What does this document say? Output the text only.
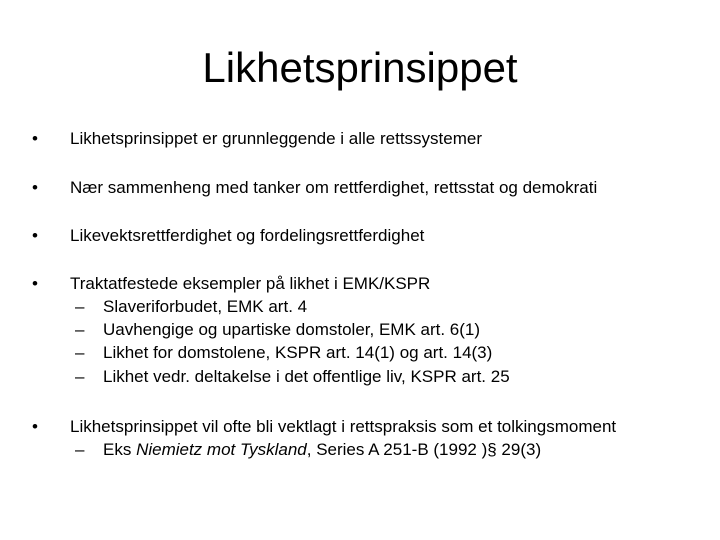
Likhetsprinsippet
• Likhetsprinsippet er grunnleggende i alle rettssystemer
• Nær sammenheng med tanker om rettferdighet, rettsstat og demokrati
• Likevektsrettferdighet og fordelingsrettferdighet
• Traktatfestede eksempler på likhet i EMK/KSPR
– Slaveriforbudet, EMK art. 4
– Uavhengige og upartiske domstoler, EMK art. 6(1)
– Likhet for domstolene, KSPR art. 14(1) og art. 14(3)
– Likhet vedr. deltakelse i det offentlige liv, KSPR art. 25
• Likhetsprinsippet vil ofte bli vektlagt i rettspraksis som et tolkingsmoment
– Eks Niemietz mot Tyskland, Series A 251-B (1992 )§ 29(3)
